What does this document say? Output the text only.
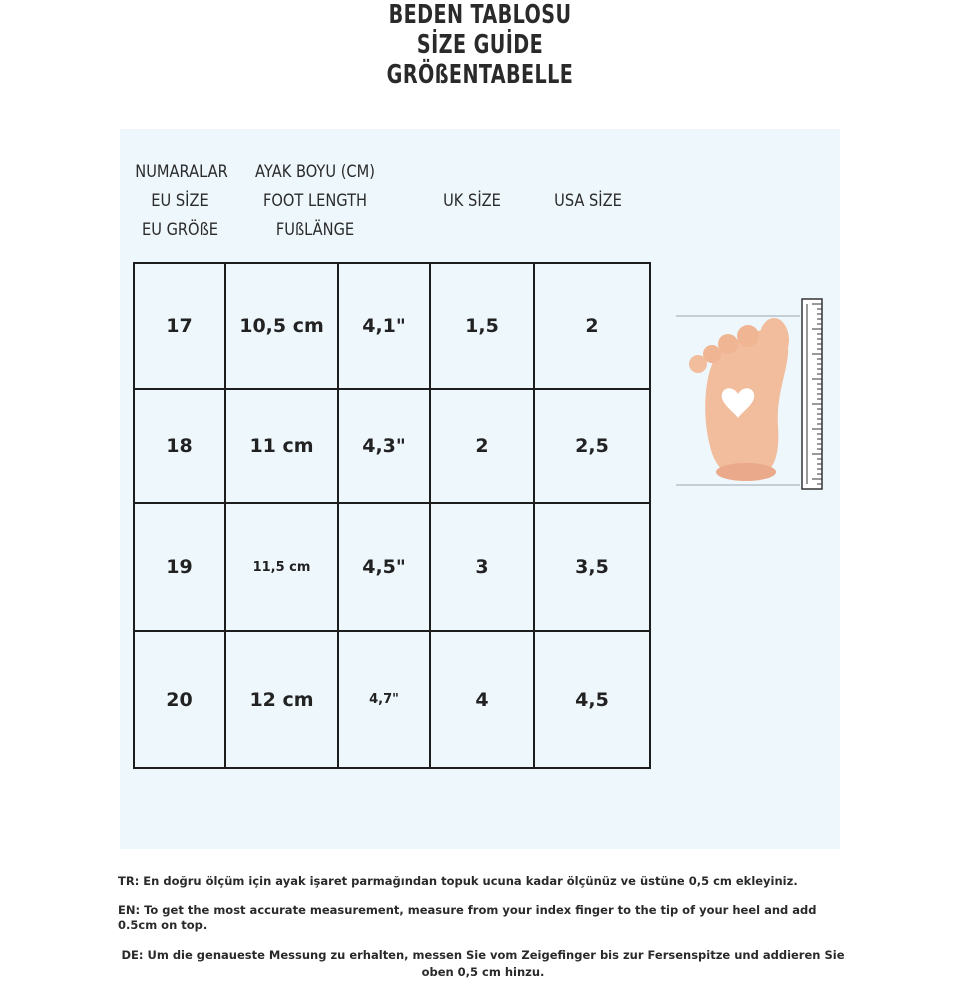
BEDEN TABLOSU
SİZE GUİDE
GRÖßENTABELLE
NUMARALAR
EU SİZE
EU GRÖßE
AYAK BOYU (CM)
FOOT LENGTH
FUßLÄNGE
UK SİZE	USA SİZE
17	10,5 cm	4,1"	1,5	2
18	11 cm	4,3"	2	2,5
19	11,5 cm	4,5"	3	3,5
20	12 cm	4,7"	4	4,5

TR: En doğru ölçüm için ayak işaret parmağından topuk ucuna kadar ölçünüz ve üstüne 0,5 cm ekleyiniz.

EN: To get the most accurate measurement, measure from your index finger to the tip of your heel and add 0.5cm on top.

DE: Um die genaueste Messung zu erhalten, messen Sie vom Zeigefinger bis zur Fersenspitze und addieren Sie oben 0,5 cm hinzu.
